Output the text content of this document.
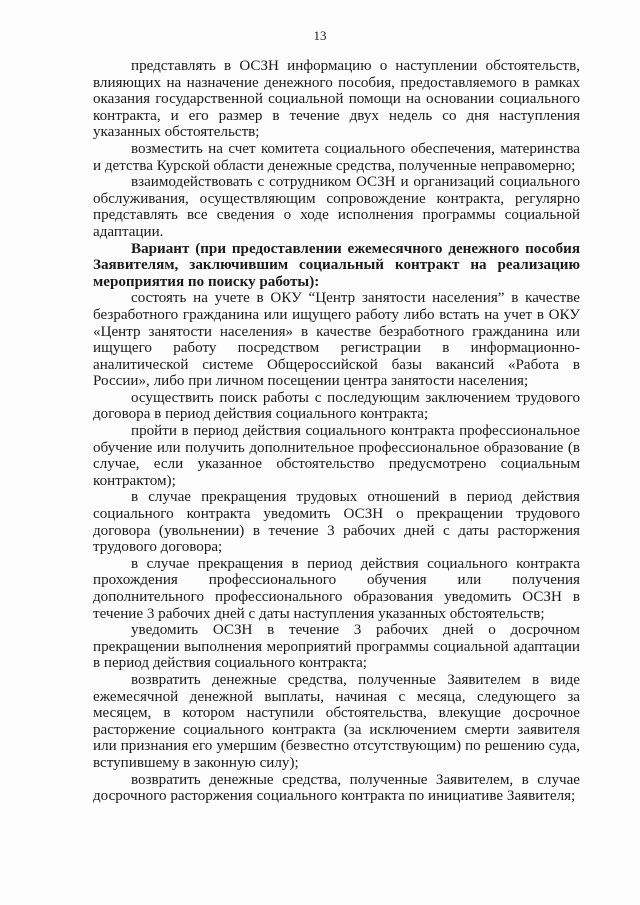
13

представлять в ОСЗН информацию о наступлении обстоятельств, влияющих на назначение денежного пособия, предоставляемого в рамках оказания государственной социальной помощи на основании социального контракта, и его размер в течение двух недель со дня наступления указанных обстоятельств;

возместить на счет комитета социального обеспечения, материнства и детства Курской области денежные средства, полученные неправомерно;

взаимодействовать с сотрудником ОСЗН и организаций социального обслуживания, осуществляющим сопровождение контракта, регулярно представлять все сведения о ходе исполнения программы социальной адаптации.

Вариант (при предоставлении ежемесячного денежного пособия Заявителям, заключившим социальный контракт на реализацию мероприятия по поиску работы):

состоять на учете в ОКУ “Центр занятости населения” в качестве безработного гражданина или ищущего работу либо встать на учет в ОКУ «Центр занятости населения» в качестве безработного гражданина или ищущего работу посредством регистрации в информационно-аналитической системе Общероссийской базы вакансий «Работа в России», либо при личном посещении центра занятости населения;

осуществить поиск работы с последующим заключением трудового договора в период действия социального контракта;

пройти в период действия социального контракта профессиональное обучение или получить дополнительное профессиональное образование (в случае, если указанное обстоятельство предусмотрено социальным контрактом);

в случае прекращения трудовых отношений в период действия социального контракта уведомить ОСЗН о прекращении трудового договора (увольнении) в течение 3 рабочих дней с даты расторжения трудового договора;

в случае прекращения в период действия социального контракта прохождения профессионального обучения или получения дополнительного профессионального образования уведомить ОСЗН в течение 3 рабочих дней с даты наступления указанных обстоятельств;

уведомить ОСЗН в течение 3 рабочих дней о досрочном прекращении выполнения мероприятий программы социальной адаптации в период действия социального контракта;

возвратить денежные средства, полученные Заявителем в виде ежемесячной денежной выплаты, начиная с месяца, следующего за месяцем, в котором наступили обстоятельства, влекущие досрочное расторжение социального контракта (за исключением смерти заявителя или признания его умершим (безвестно отсутствующим) по решению суда, вступившему в законную силу);

возвратить денежные средства, полученные Заявителем, в случае досрочного расторжения социального контракта по инициативе Заявителя;
